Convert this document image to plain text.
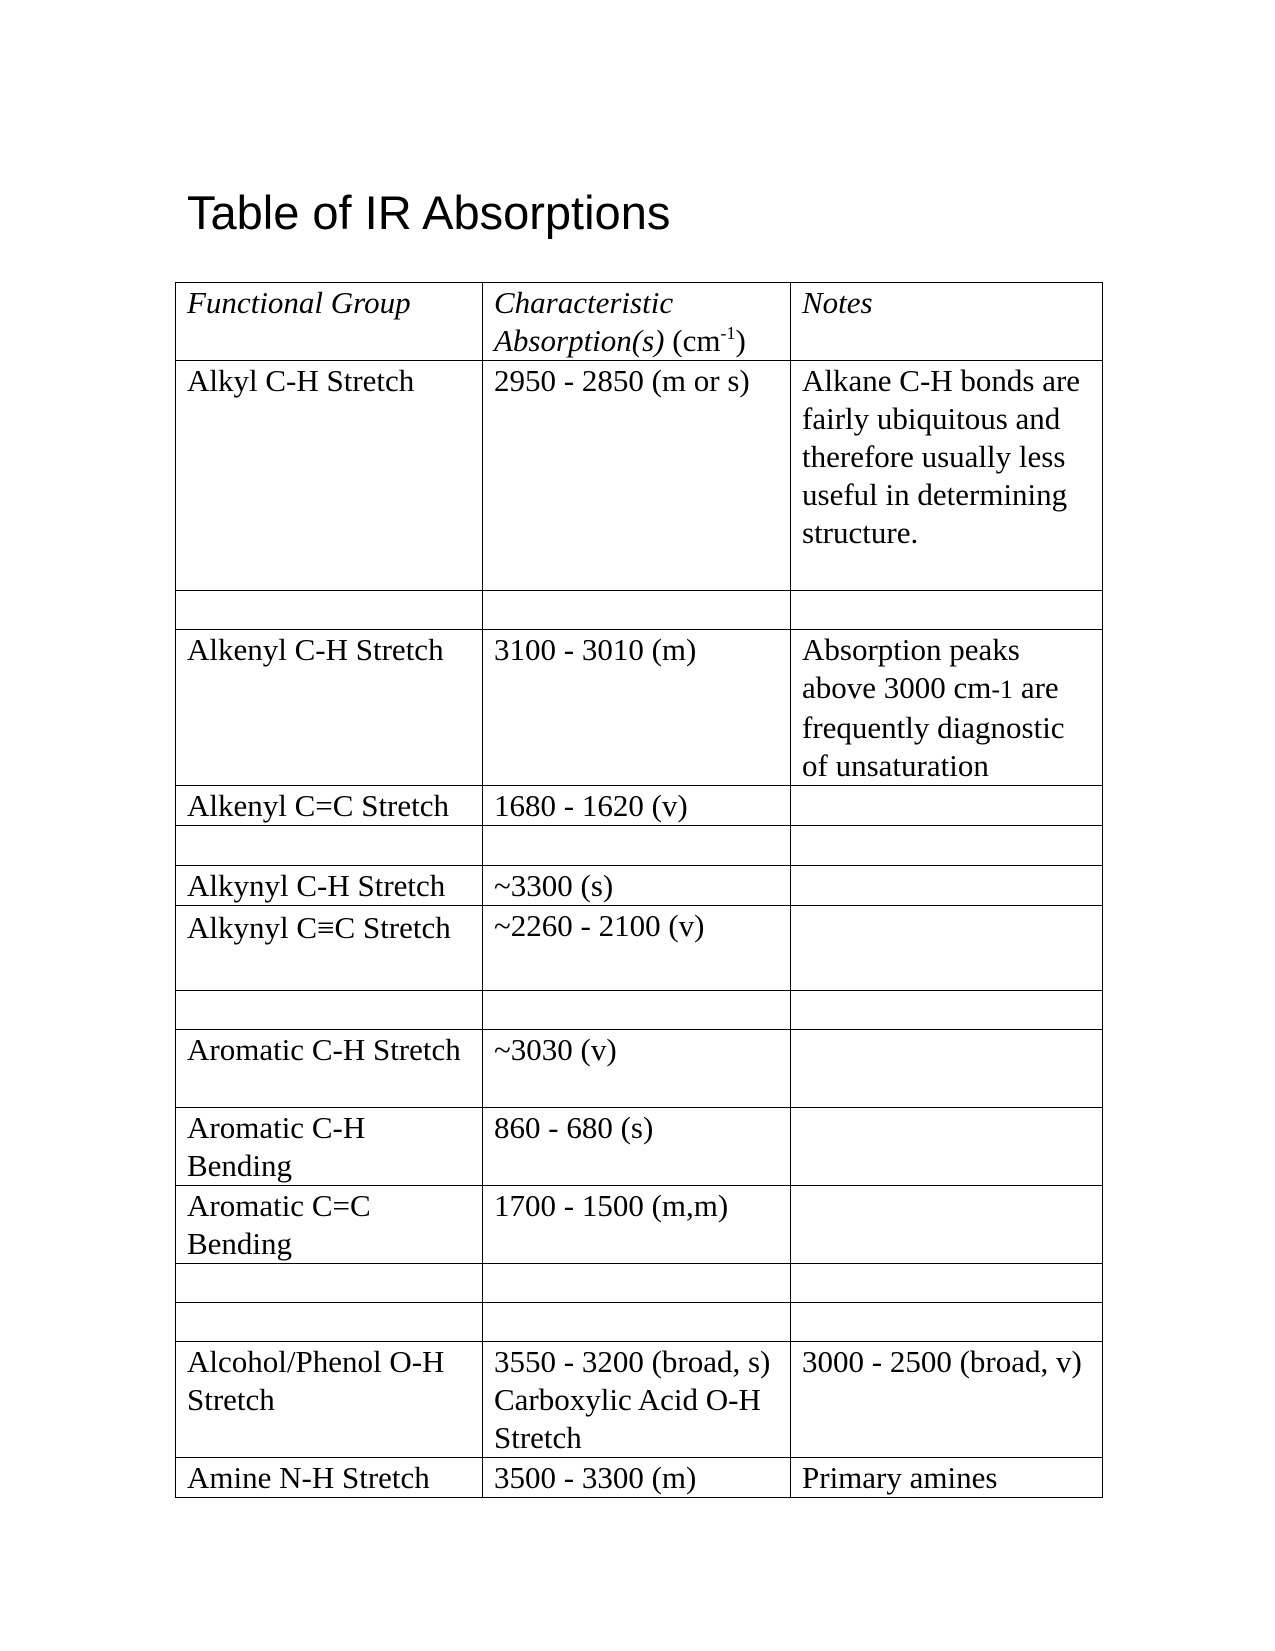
Table of IR Absorptions
Functional Group	Characteristic Absorption(s) $(cm^{-1})$	Notes
Alkyl C-H Stretch	2950 - 2850 (m or s)	Alkane C-H bonds are fairly ubiquitous and therefore usually less useful in determining structure.

Alkenyl C-H Stretch	3100 - 3010 (m)	Absorption peaks above 3000 cm-1 are frequently diagnostic of unsaturation
Alkenyl C=C Stretch	1680 - 1620 (v)	

Alkynyl C-H Stretch	~3300 (s)	
Alkynyl C≡C Stretch	~2260 - 2100 (v)	

Aromatic C-H Stretch	~3030 (v)	
Aromatic C-H Bending	860 - 680 (s)	
Aromatic C=C Bending	1700 - 1500 (m,m)	

Alcohol/Phenol O-H Stretch	3550 - 3200 (broad, s) Carboxylic Acid O-H Stretch	3000 - 2500 (broad, v)
Amine N-H Stretch	3500 - 3300 (m)	Primary amines
